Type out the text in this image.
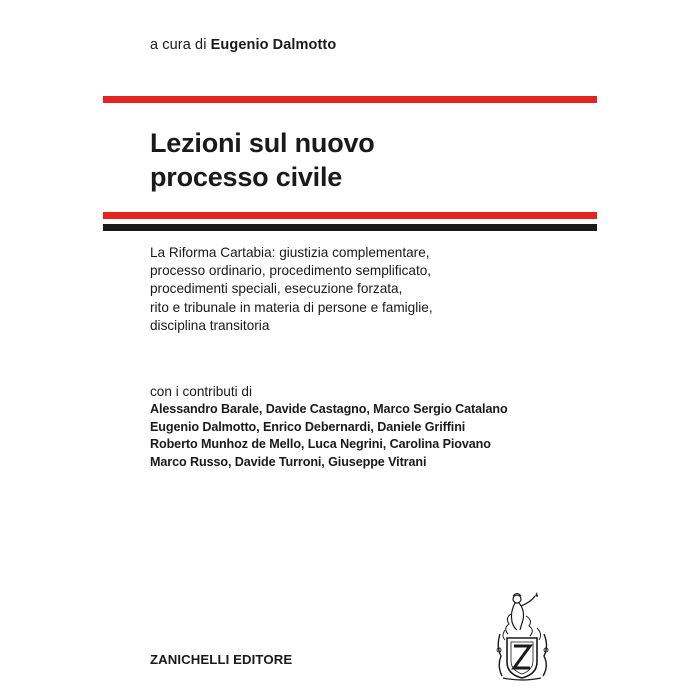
a cura di Eugenio Dalmotto
Lezioni sul nuovo
processo civile
La Riforma Cartabia: giustizia complementare,
processo ordinario, procedimento semplificato,
procedimenti speciali, esecuzione forzata,
rito e tribunale in materia di persone e famiglie,
disciplina transitoria
con i contributi di
Alessandro Barale, Davide Castagno, Marco Sergio Catalano
Eugenio Dalmotto, Enrico Debernardi, Daniele Griffini
Roberto Munhoz de Mello, Luca Negrini, Carolina Piovano
Marco Russo, Davide Turroni, Giuseppe Vitrani
ZANICHELLI EDITORE
